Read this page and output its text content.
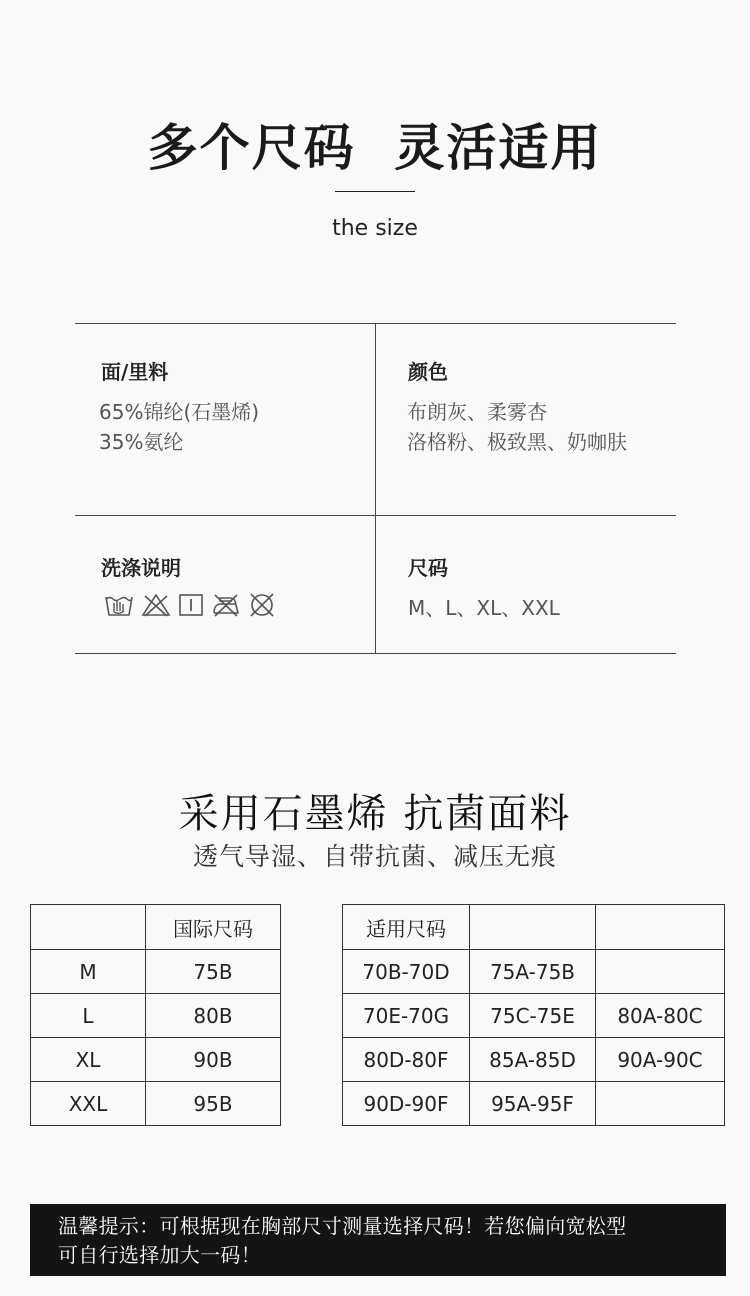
多个尺码  灵活适用
the size
面/里料
65%锦纶(石墨烯)
35%氨纶
颜色
布朗灰、柔雾杏
洛格粉、极致黑、奶咖肤
洗涤说明	尺码
M、L、XL、XXL
采用石墨烯 抗菌面料
透气导湿、自带抗菌、减压无痕
	国际尺码
M	75B
L	80B
XL	90B
XXL	95B
适用尺码		
70B-70D	75A-75B	
70E-70G	75C-75E	80A-80C
80D-80F	85A-85D	90A-90C
90D-90F	95A-95F	
温馨提示：可根据现在胸部尺寸测量选择尺码！若您偏向宽松型
可自行选择加大一码！
